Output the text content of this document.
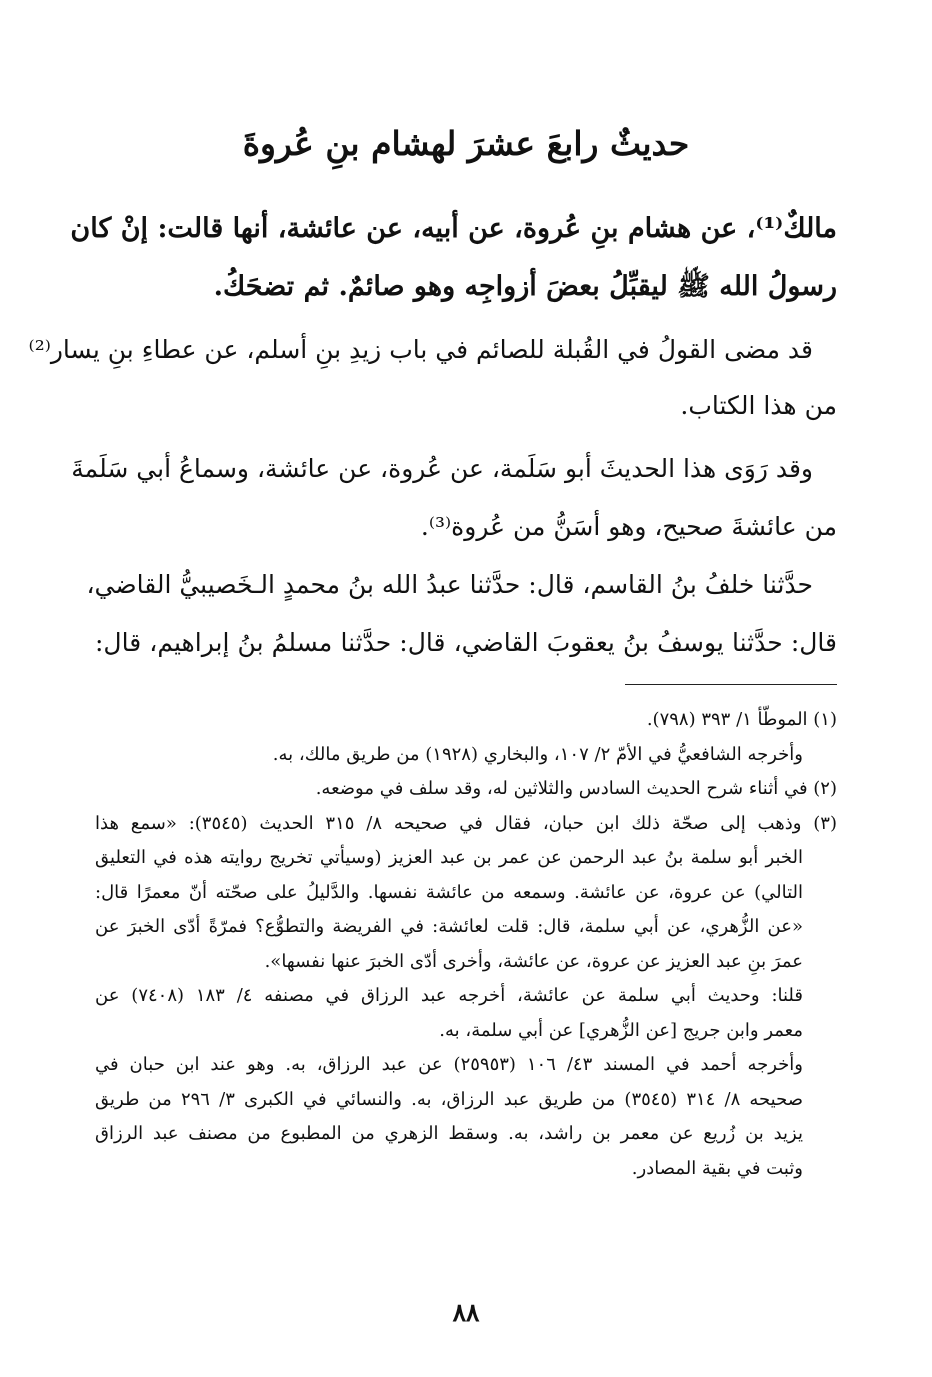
حديثٌ رابعَ عشرَ لهشام بنِ عُروةَ
مالكٌ⁽¹⁾، عن هشام بنِ عُروة، عن أبيه، عن عائشة، أنها قالت: إنْ كان
رسولُ الله ﷺ ليقبِّلُ بعضَ أزواجِه وهو صائمٌ. ثم تضحَكُ.
قد مضى القولُ في القُبلة للصائم في باب زيدِ بنِ أسلم، عن عطاءِ بنِ يسار⁽²⁾
من هذا الكتاب.
وقد رَوَى هذا الحديثَ أبو سَلَمة، عن عُروة، عن عائشة، وسماعُ أبي سَلَمةَ
من عائشةَ صحيح، وهو أسَنُّ من عُروة⁽³⁾.
حدَّثنا خلفُ بنُ القاسم، قال: حدَّثنا عبدُ الله بنُ محمدٍ الـخَصيبيُّ القاضي،
قال: حدَّثنا يوسفُ بنُ يعقوبَ القاضي، قال: حدَّثنا مسلمُ بنُ إبراهيم، قال:
(١) الموطّأ ١/ ٣٩٣ (٧٩٨).
وأخرجه الشافعيُّ في الأمّ ٢/ ١٠٧، والبخاري (١٩٢٨) من طريق مالك، به.
(٢) في أثناء شرح الحديث السادس والثلاثين له، وقد سلف في موضعه.
(٣) وذهب إلى صحّة ذلك ابن حبان، فقال في صحيحه ٨/ ٣١٥ الحديث (٣٥٤٥): «سمع هذا
الخبر أبو سلمة بنُ عبد الرحمن عن عمر بن عبد العزيز (وسيأتي تخريج روايته هذه في التعليق
التالي) عن عروة، عن عائشة. وسمعه من عائشة نفسها. والدَّليلُ على صحّته أنّ معمرًا قال:
«عن الزُّهري، عن أبي سلمة، قال: قلت لعائشة: في الفريضة والتطوُّع؟ فمرّةً أدّى الخبرَ عن
عمرَ بنِ عبد العزيز عن عروة، عن عائشة، وأخرى أدّى الخبرَ عنها نفسها».
قلنا: وحديث أبي سلمة عن عائشة، أخرجه عبد الرزاق في مصنفه ٤/ ١٨٣ (٧٤٠٨) عن
معمر وابن جريج [عن الزُّهري] عن أبي سلمة، به.
وأخرجه أحمد في المسند ٤٣/ ١٠٦ (٢٥٩٥٣) عن عبد الرزاق، به. وهو عند ابن حبان في
صحيحه ٨/ ٣١٤ (٣٥٤٥) من طريق عبد الرزاق، به. والنسائي في الكبرى ٣/ ٢٩٦ من طريق
يزيد بن زُريع عن معمر بن راشد، به. وسقط الزهري من المطبوع من مصنف عبد الرزاق
وثبت في بقية المصادر.
٨٨
